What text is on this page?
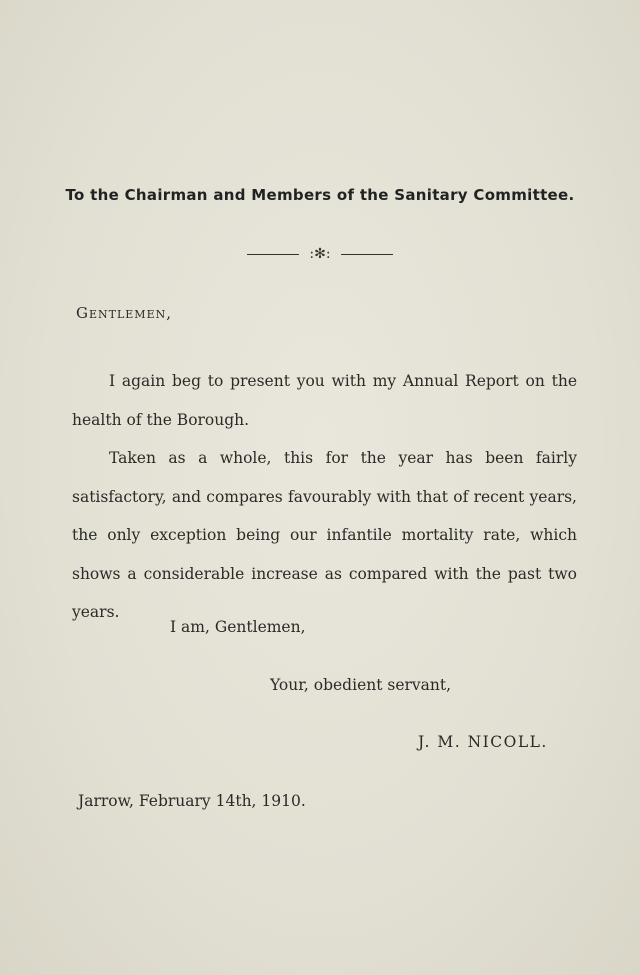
To the Chairman and Members of the Sanitary Committee.
:✻:
Gentlemen,

I again beg to present you with my Annual Report on the health of the Borough.

Taken as a whole, this for the year has been fairly satisfactory, and compares favourably with that of recent years, the only exception being our infantile mortality rate, which shows a considerable increase as compared with the past two years.

I am, Gentlemen,
Your, obedient servant,
J. M. NICOLL.
Jarrow, February 14th, 1910.
